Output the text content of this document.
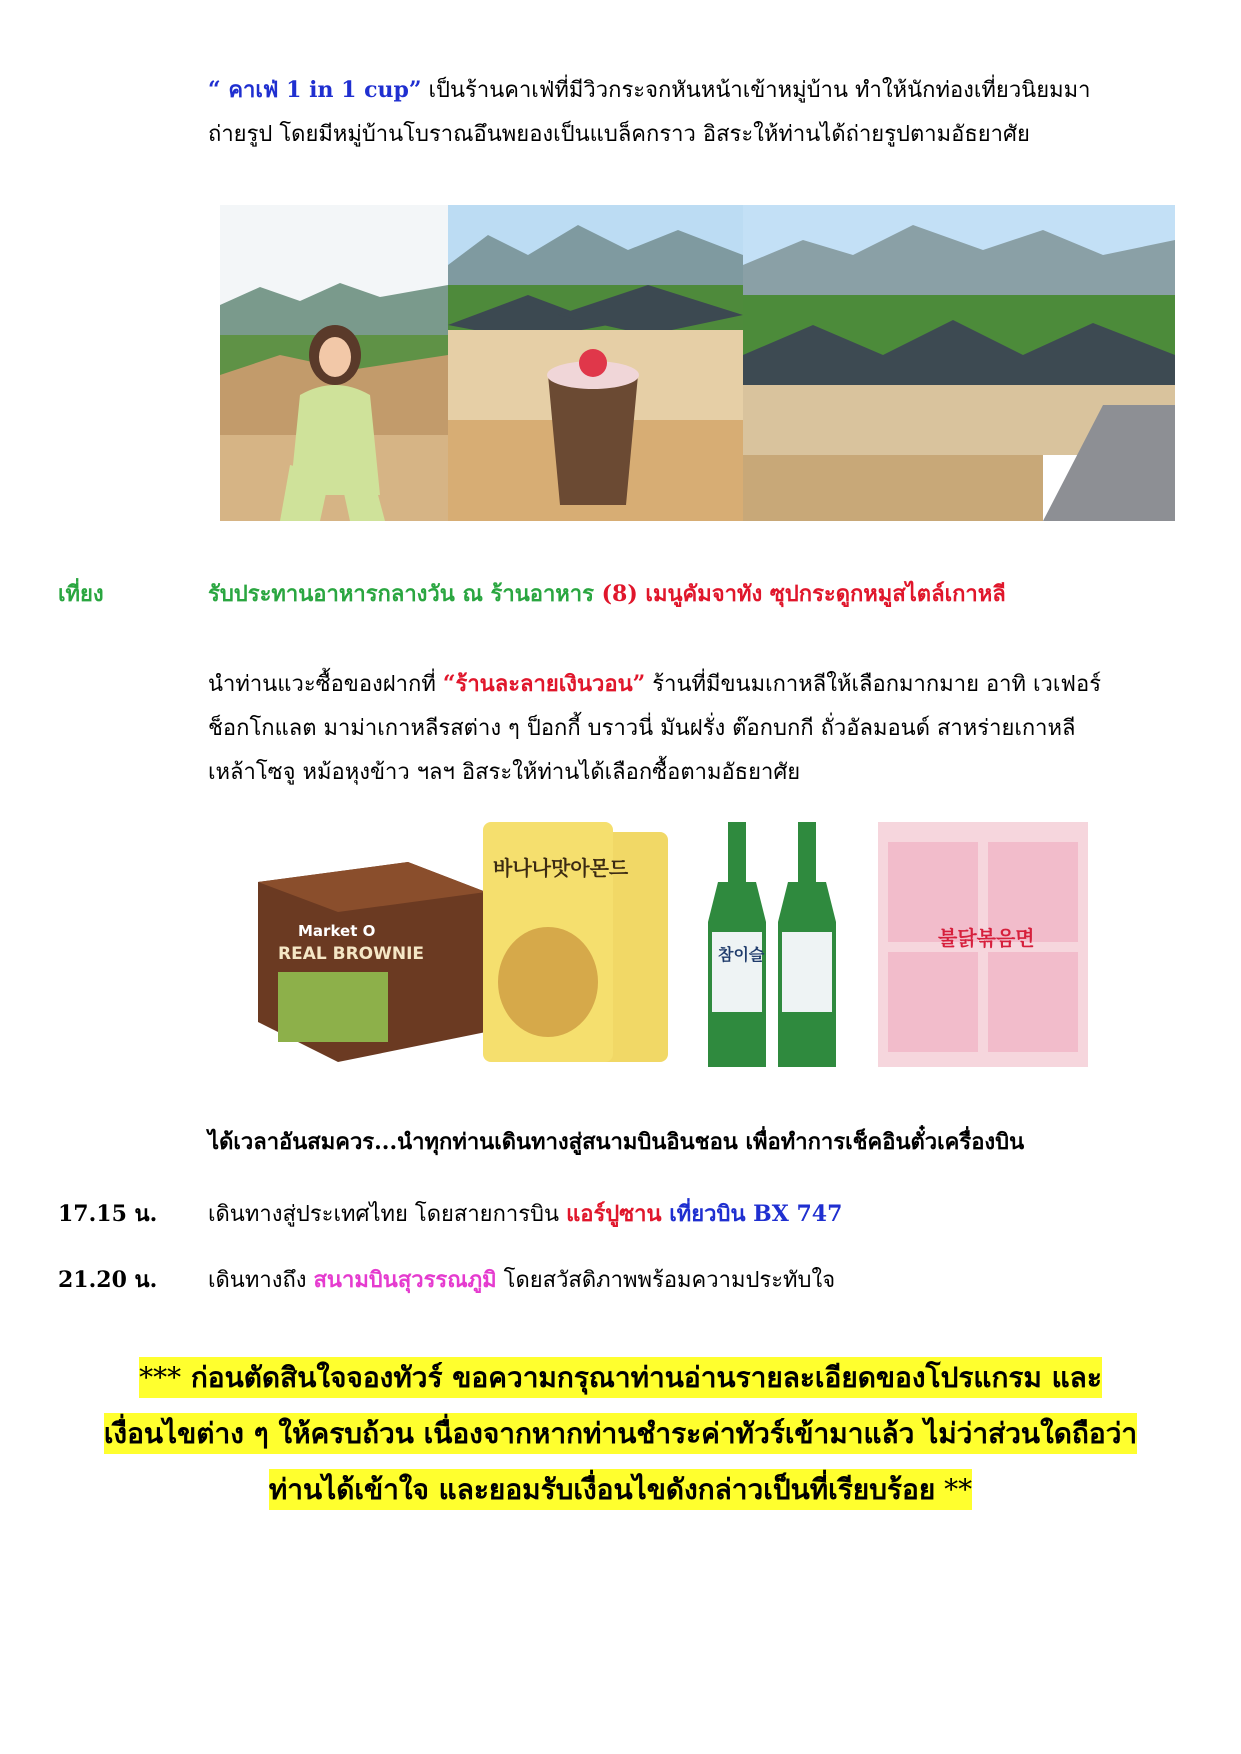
“ คาเฟ่ 1 in 1 cup” เป็นร้านคาเฟ่ที่มีวิวกระจกหันหน้าเข้าหมู่บ้าน ทำให้นักท่องเที่ยวนิยมมา
ถ่ายรูป โดยมีหมู่บ้านโบราณอึนพยองเป็นแบล็คกราว อิสระให้ท่านได้ถ่ายรูปตามอัธยาศัย
เที่ยง	รับประทานอาหารกลางวัน ณ ร้านอาหาร (8) เมนูคัมจาทัง ซุปกระดูกหมูสไตล์เกาหลี
นำท่านแวะซื้อของฝากที่ “ร้านละลายเงินวอน” ร้านที่มีขนมเกาหลีให้เลือกมากมาย อาทิ เวเฟอร์
ช็อกโกแลต มาม่าเกาหลีรสต่าง ๆ ป็อกกี้ บราวนี่ มันฝรั่ง ต๊อกบกกี ถั่วอัลมอนด์ สาหร่ายเกาหลี
เหล้าโซจู หม้อหุงข้าว ฯลฯ อิสระให้ท่านได้เลือกซื้อตามอัธยาศัย
Market O
REAL BROWNIE
바나나맛아몬드
참이슬
불닭볶음면
ได้เวลาอันสมควร...นำทุกท่านเดินทางสู่สนามบินอินชอน เพื่อทำการเช็คอินตั๋วเครื่องบิน
17.15 น. เดินทางสู่ประเทศไทย โดยสายการบิน แอร์ปูซาน เที่ยวบิน BX 747
21.20 น. เดินทางถึง สนามบินสุวรรณภูมิ โดยสวัสดิภาพพร้อมความประทับใจ
*** ก่อนตัดสินใจจองทัวร์ ขอความกรุณาท่านอ่านรายละเอียดของโปรแกรม และ
เงื่อนไขต่าง ๆ ให้ครบถ้วน เนื่องจากหากท่านชำระค่าทัวร์เข้ามาแล้ว ไม่ว่าส่วนใดถือว่า
ท่านได้เข้าใจ และยอมรับเงื่อนไขดังกล่าวเป็นที่เรียบร้อย **
